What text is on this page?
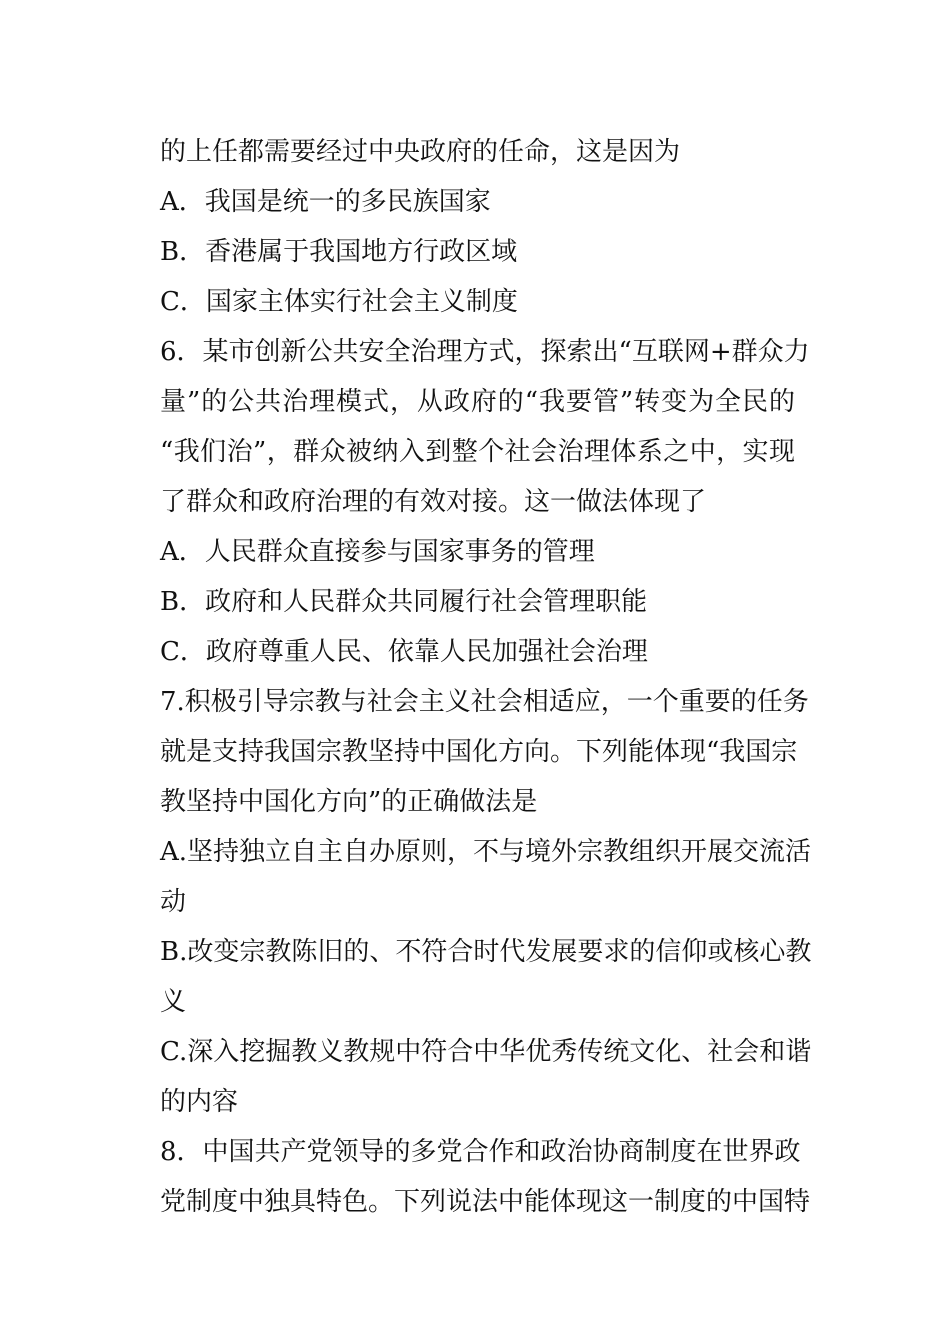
的上任都需要经过中央政府的任命，这是因为
A．我国是统一的多民族国家
B．香港属于我国地方行政区域
C．国家主体实行社会主义制度
6．某市创新公共安全治理方式，探索出“互联网+群众力
量”的公共治理模式，从政府的“我要管”转变为全民的
“我们治”，群众被纳入到整个社会治理体系之中，实现
了群众和政府治理的有效对接。这一做法体现了
A．人民群众直接参与国家事务的管理
B．政府和人民群众共同履行社会管理职能
C．政府尊重人民、依靠人民加强社会治理
7.积极引导宗教与社会主义社会相适应，一个重要的任务
就是支持我国宗教坚持中国化方向。下列能体现“我国宗
教坚持中国化方向”的正确做法是
A.坚持独立自主自办原则，不与境外宗教组织开展交流活
动
B.改变宗教陈旧的、不符合时代发展要求的信仰或核心教
义
C.深入挖掘教义教规中符合中华优秀传统文化、社会和谐
的内容
8．中国共产党领导的多党合作和政治协商制度在世界政
党制度中独具特色。下列说法中能体现这一制度的中国特
